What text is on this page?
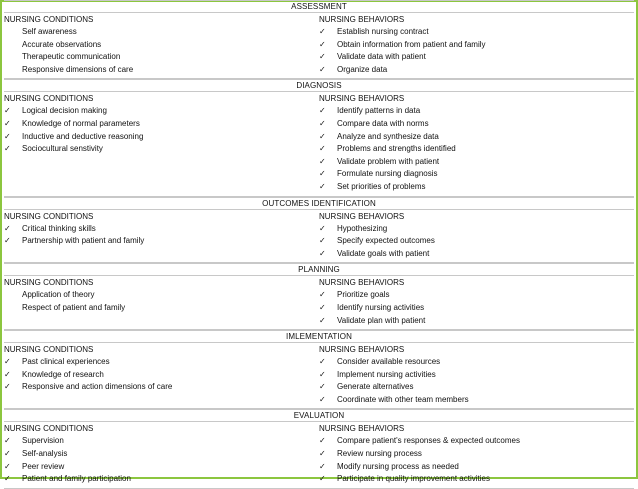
ASSESSMENT
NURSING CONDITIONS
Self awareness
Accurate observations
Therapeutic communication
Responsive dimensions of care
NURSING BEHAVIORS
✓	Establish nursing contract
✓	Obtain information from patient and family
✓	Validate data with patient
✓	Organize data
DIAGNOSIS
NURSING CONDITIONS
✓	Logical decision making
✓	Knowledge of normal parameters
✓	Inductive and deductive reasoning
✓	Sociocultural senstivity
NURSING BEHAVIORS
✓	Identify patterns in data
✓	Compare data with norms
✓	Analyze and synthesize data
✓	Problems and strengths identified
✓	Validate problem with patient
✓	Formulate nursing diagnosis
✓	Set priorities of problems
OUTCOMES IDENTIFICATION
NURSING CONDITIONS
✓	Critical thinking skills
✓	Partnership with patient and family
NURSING BEHAVIORS
✓	Hypothesizing
✓	Specify expected outcomes
✓	Validate goals with patient
PLANNING
NURSING CONDITIONS
Application of theory
Respect of patient and family
NURSING BEHAVIORS
✓	Prioritize goals
✓	Identify nursing activities
✓	Validate plan with patient
IMLEMENTATION
NURSING CONDITIONS
✓	Past clinical experiences
✓	Knowledge of research
✓	Responsive and action dimensions of care
NURSING BEHAVIORS
✓	Consider available resources
✓	Implement nursing activities
✓	Generate alternatives
✓	Coordinate with other team members
EVALUATION
NURSING CONDITIONS
✓	Supervision
✓	Self-analysis
✓	Peer review
✓	Patient and family participation
NURSING BEHAVIORS
✓	Compare patient's responses & expected outcomes
✓	Review nursing process
✓	Modify nursing process as needed
✓	Participate in quality improvement activities
